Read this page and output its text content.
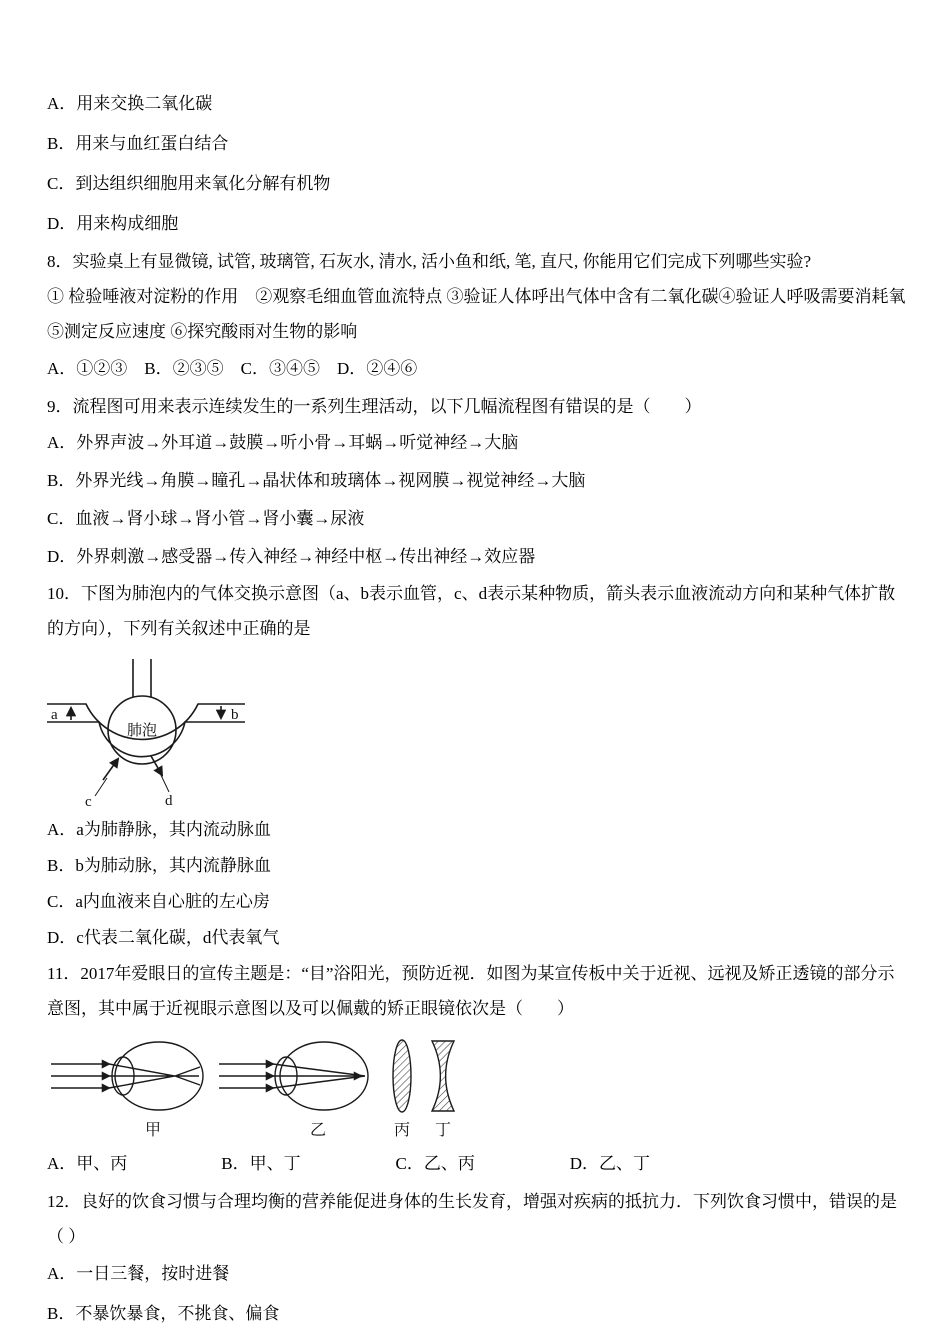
A．用来交换二氧化碳

B．用来与血红蛋白结合

C．到达组织细胞用来氧化分解有机物

D．用来构成细胞

8．实验桌上有显微镜, 试管, 玻璃管, 石灰水, 清水, 活小鱼和纸, 笔, 直尺, 你能用它们完成下列哪些实验?

① 检验唾液对淀粉的作用　②观察毛细血管血流特点 ③验证人体呼出气体中含有二氧化碳④验证人呼吸需要消耗氧

⑤测定反应速度 ⑥探究酸雨对生物的影响

A．①②③　B．②③⑤　C．③④⑤　D．②④⑥

9．流程图可用来表示连续发生的一系列生理活动，以下几幅流程图有错误的是（　　）

A．外界声波→外耳道→鼓膜→听小骨→耳蜗→听觉神经→大脑

B．外界光线→角膜→瞳孔→晶状体和玻璃体→视网膜→视觉神经→大脑

C．血液→肾小球→肾小管→肾小囊→尿液

D．外界刺激→感受器→传入神经→神经中枢→传出神经→效应器

10．下图为肺泡内的气体交换示意图（a、b表示血管，c、d表示某种物质，箭头表示血液流动方向和某种气体扩散的方向），下列有关叙述中正确的是

肺泡
a	b
c	d

A．a为肺静脉，其内流动脉血

B．b为肺动脉，其内流静脉血

C．a内血液来自心脏的左心房

D．c代表二氧化碳，d代表氧气

11．2017年爱眼日的宣传主题是：“目”浴阳光，预防近视．如图为某宣传板中关于近视、远视及矫正透镜的部分示意图，其中属于近视眼示意图以及可以佩戴的矫正眼镜依次是（　　）

甲	乙	丙 丁

A．甲、丙	B．甲、丁	C．乙、丙	D．乙、丁

12．良好的饮食习惯与合理均衡的营养能促进身体的生长发育，增强对疾病的抵抗力．下列饮食习惯中，错误的是（ ）

A．一日三餐，按时进餐

B．不暴饮暴食，不挑食、偏食
